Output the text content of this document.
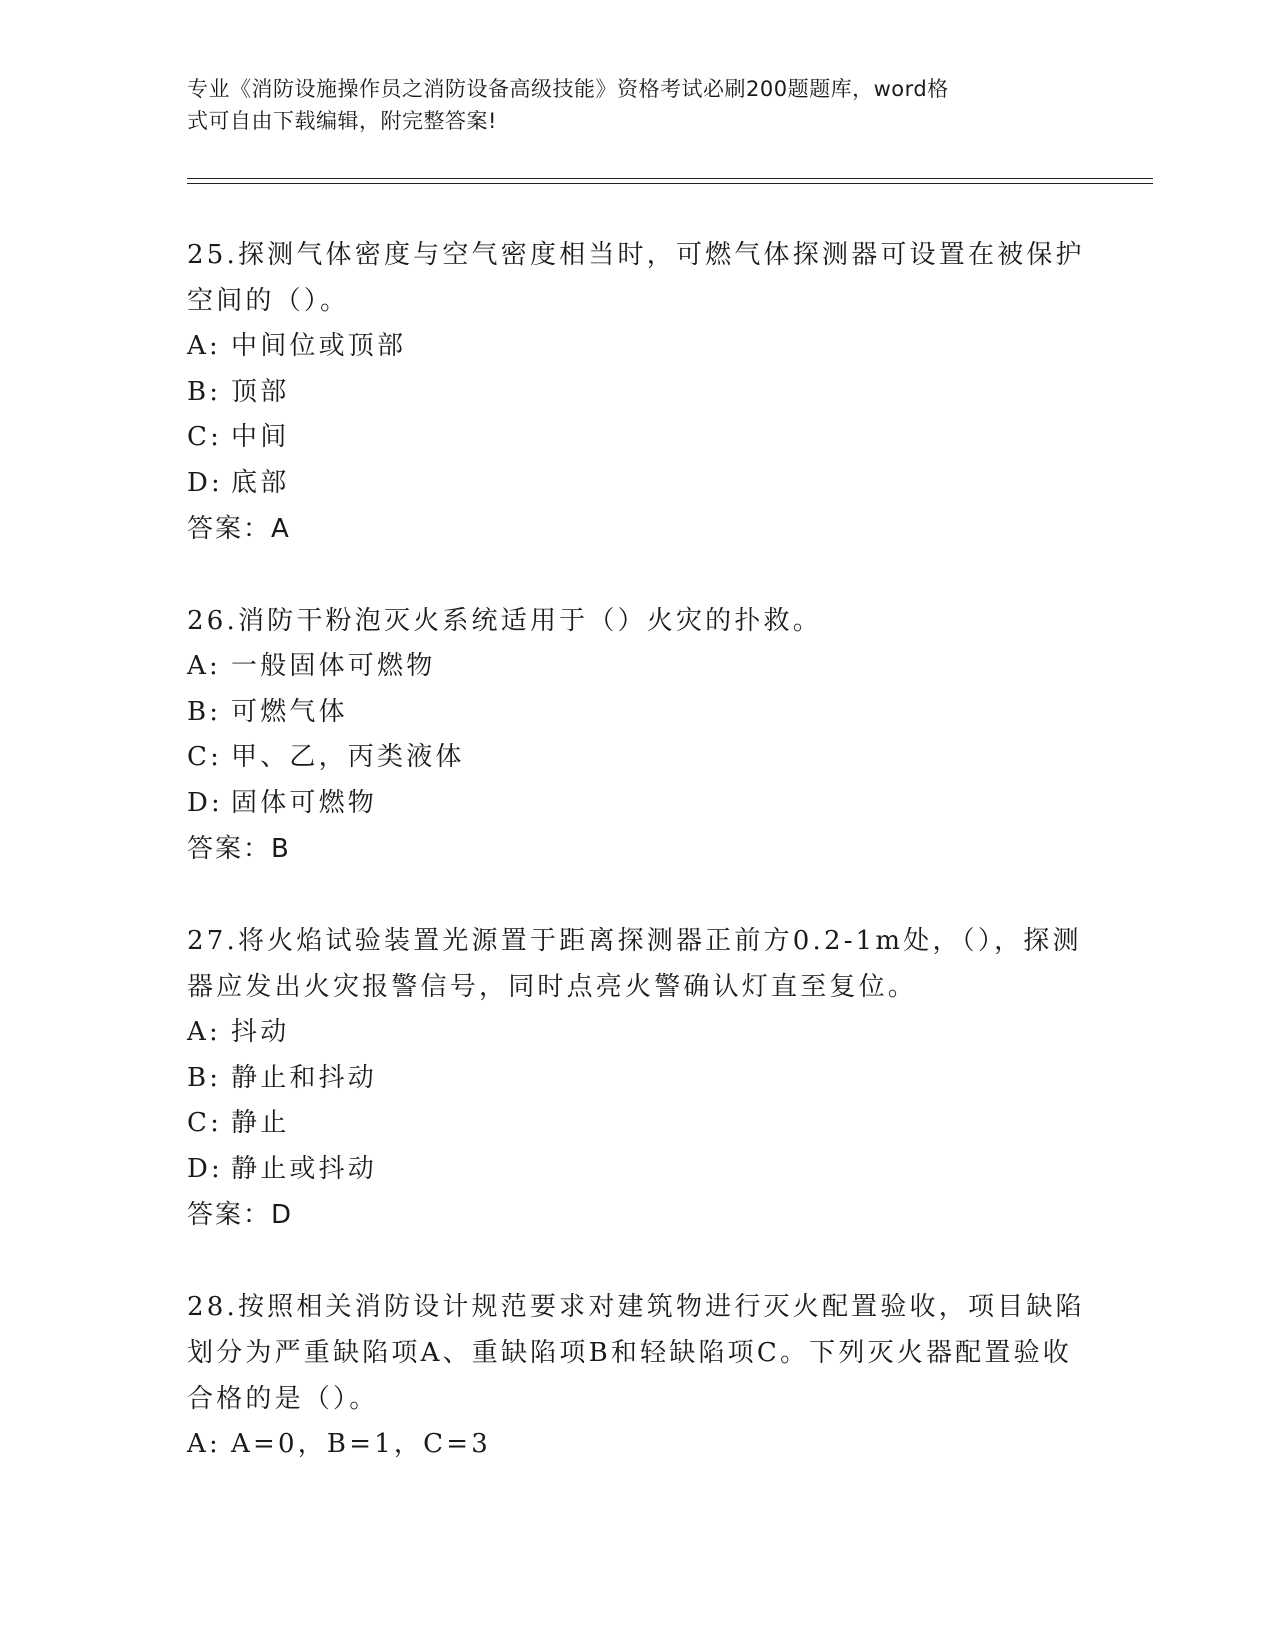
专业《消防设施操作员之消防设备高级技能》资格考试必刷200题题库，word格
式可自由下载编辑，附完整答案!

25.探测气体密度与空气密度相当时，可燃气体探测器可设置在被保护空间的（）。

A: 中间位或顶部
B: 顶部
C: 中间
D: 底部
答案：A

26.消防干粉泡灭火系统适用于（）火灾的扑救。

A: 一般固体可燃物
B: 可燃气体
C: 甲、乙，丙类液体
D: 固体可燃物
答案：B

27.将火焰试验装置光源置于距离探测器正前方0.2-1m处，（），探测器应发出火灾报警信号，同时点亮火警确认灯直至复位。

A: 抖动
B: 静止和抖动
C: 静止
D: 静止或抖动
答案：D

28.按照相关消防设计规范要求对建筑物进行灭火配置验收，项目缺陷划分为严重缺陷项A、重缺陷项B和轻缺陷项C。下列灭火器配置验收合格的是（）。

A: A=0，B=1，C=3
